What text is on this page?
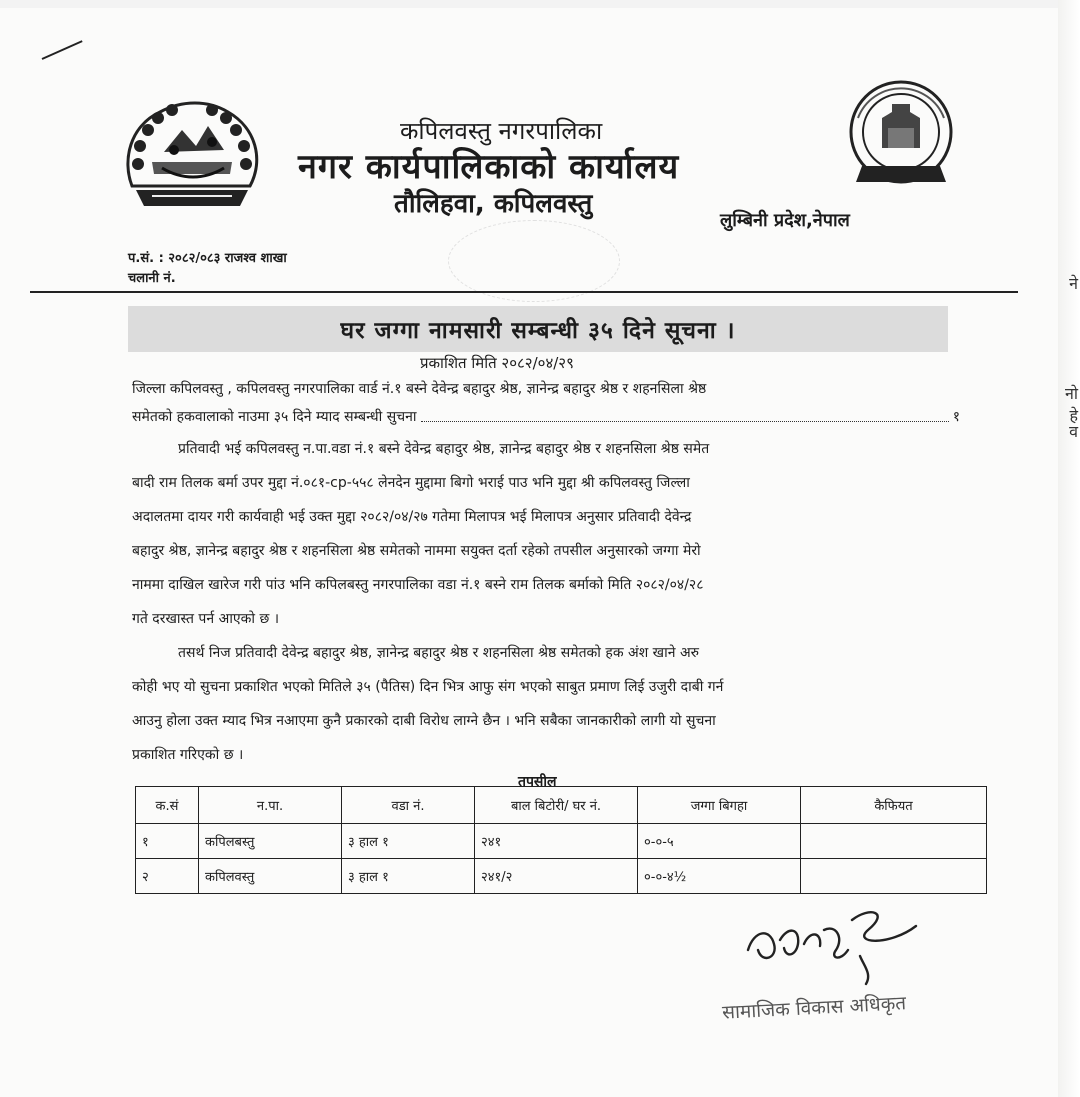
कपिलवस्तु नगरपालिका
नगर कार्यपालिकाको कार्यालय
तौलिहवा, कपिलवस्तु
लुम्बिनी प्रदेश,नेपाल
प.सं. : २०८२/०८३ राजश्व शाखा
चलानी नं.
घर जग्गा नामसारी सम्बन्धी ३५ दिने सूचना ।
प्रकाशित मिति २०८२/०४/२९
जिल्ला कपिलवस्तु , कपिलवस्तु नगरपालिका वार्ड नं.१ बस्ने देवेन्द्र बहादुर श्रेष्ठ, ज्ञानेन्द्र बहादुर श्रेष्ठ र शहनसिला श्रेष्ठ
समेतको हकवालाको नाउमा ३५ दिने म्याद सम्बन्धी सुचना	१
प्रतिवादी भई कपिलवस्तु न.पा.वडा नं.१ बस्ने देवेन्द्र बहादुर श्रेष्ठ, ज्ञानेन्द्र बहादुर श्रेष्ठ र शहनसिला श्रेष्ठ समेत
बादी राम तिलक बर्मा उपर मुद्दा नं.०८१-cp-५५८ लेनदेन मुद्दामा बिगो भराई पाउ भनि मुद्दा श्री कपिलवस्तु जिल्ला
अदालतमा दायर गरी कार्यवाही भई उक्त मुद्दा २०८२/०४/२७ गतेमा मिलापत्र भई मिलापत्र अनुसार प्रतिवादी देवेन्द्र
बहादुर श्रेष्ठ, ज्ञानेन्द्र बहादुर श्रेष्ठ र शहनसिला श्रेष्ठ समेतको नाममा सयुक्त दर्ता रहेको तपसील अनुसारको जग्गा मेरो
नाममा दाखिल खारेज गरी पांउ भनि कपिलबस्तु नगरपालिका वडा नं.१ बस्ने राम तिलक बर्माको मिति २०८२/०४/२८
गते दरखास्त पर्न आएको छ ।
तसर्थ निज प्रतिवादी देवेन्द्र बहादुर श्रेष्ठ, ज्ञानेन्द्र बहादुर श्रेष्ठ र शहनसिला श्रेष्ठ समेतको हक अंश खाने अरु
कोही भए यो सुचना प्रकाशित भएको मितिले ३५ (पैतिस) दिन भित्र आफु संग भएको साबुत प्रमाण लिई उजुरी दाबी गर्न
आउनु होला उक्त म्याद भित्र नआएमा कुनै प्रकारको दाबी विरोध लाग्ने छैन । भनि सबैका जानकारीको लागी यो सुचना
प्रकाशित गरिएको छ ।
तपसील
क.सं	न.पा.	वडा नं.	बाल बिटोरी/ घर नं.	जग्गा बिगहा	कैफियत
१	कपिलबस्तु	३ हाल १	२४१	०-०-५	
२	कपिलवस्तु	३ हाल १	२४१/२	०-०-४½	
सामाजिक विकास अधिकृत
ने
नो
हे
व
